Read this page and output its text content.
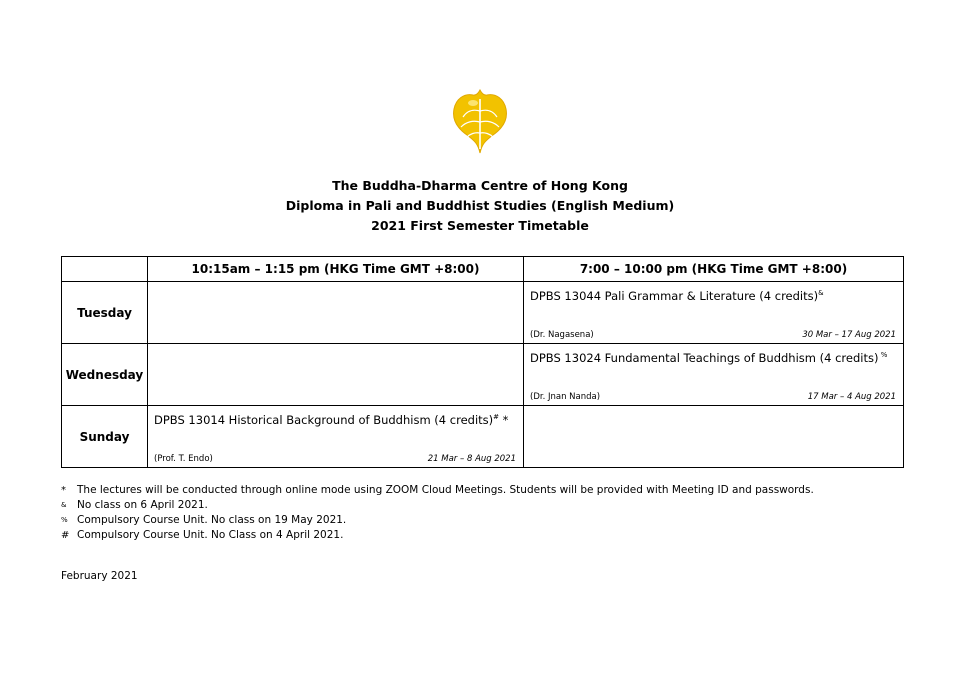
The Buddha-Dharma Centre of Hong Kong
Diploma in Pali and Buddhist Studies (English Medium)
2021 First Semester Timetable
	10:15am – 1:15 pm (HKG Time GMT +8:00)	7:00 – 10:00 pm (HKG Time GMT +8:00)
Tuesday		DPBS 13044 Pali Grammar & Literature (4 credits)&
(Dr. Nagasena) 30 Mar – 17 Aug 2021

Wednesday		DPBS 13024 Fundamental Teachings of Buddhism (4 credits) %
(Dr. Jnan Nanda) 17 Mar – 4 Aug 2021

Sunday	DPBS 13014 Historical Background of Buddhism (4 credits)# *
(Prof. T. Endo) 21 Mar – 8 Aug 2021	

*	The lectures will be conducted through online mode using ZOOM Cloud Meetings. Students will be provided with Meeting ID and passwords.
&	No class on 6 April 2021.
% Compulsory Course Unit. No class on 19 May 2021.
# Compulsory Course Unit. No Class on 4 April 2021.
February 2021
